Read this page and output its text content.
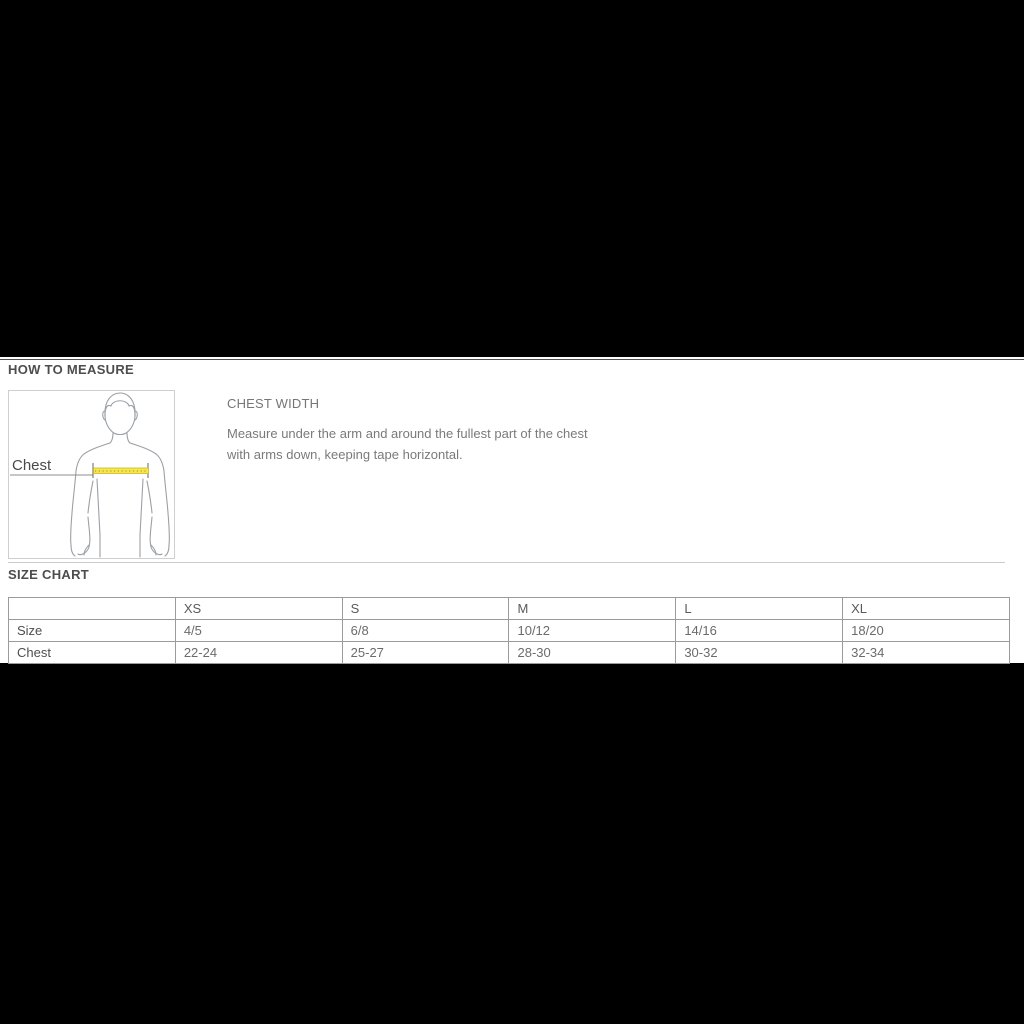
HOW TO MEASURE
Chest
CHEST WIDTH
Measure under the arm and around the fullest part of the chest
with arms down, keeping tape horizontal.
SIZE CHART
	XS	S	M	L	XL
Size	4/5	6/8	10/12	14/16	18/20
Chest	22-24	25-27	28-30	30-32	32-34
